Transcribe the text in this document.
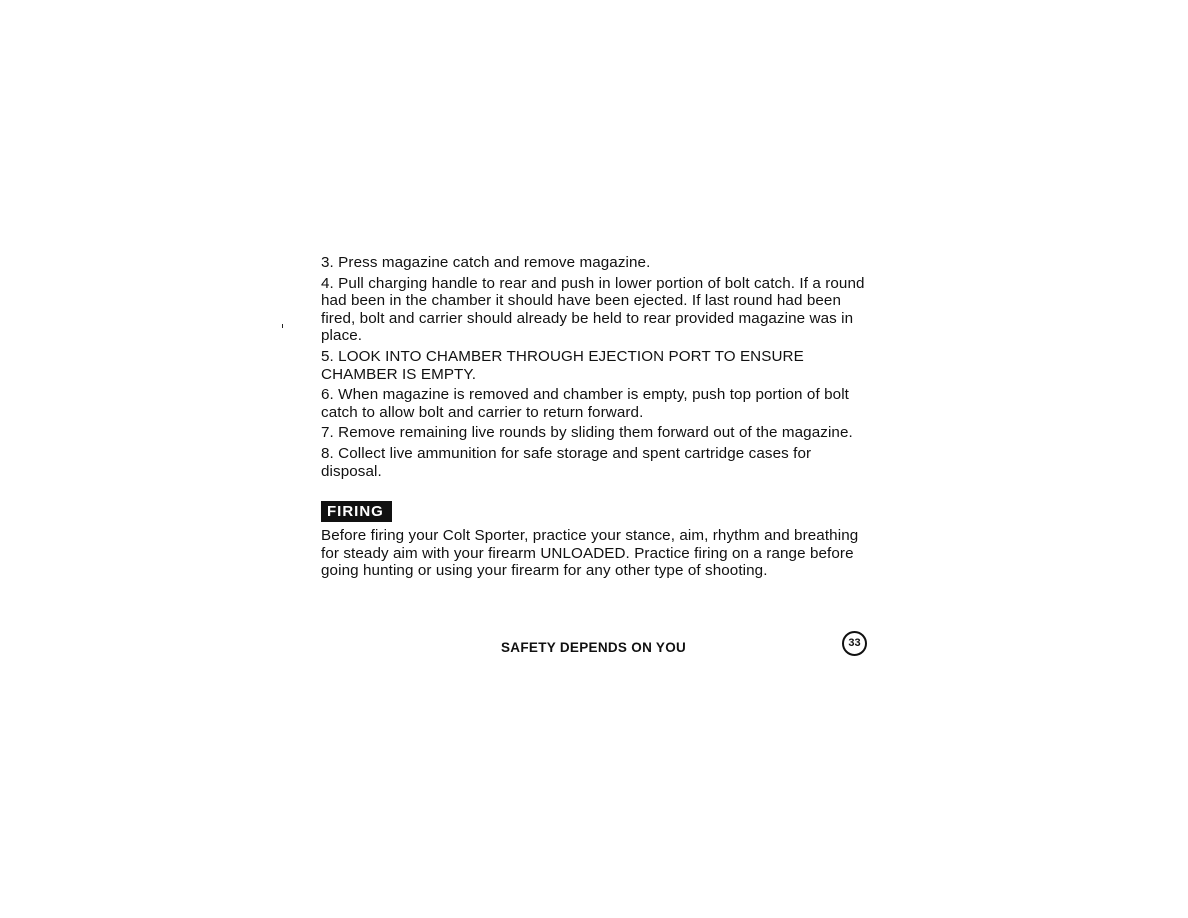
3. Press magazine catch and remove magazine.
4. Pull charging handle to rear and push in lower portion of bolt catch. If a round had been in the chamber it should have been ejected. If last round had been fired, bolt and carrier should already be held to rear provided magazine was in place.
5. LOOK INTO CHAMBER THROUGH EJECTION PORT TO ENSURE CHAMBER IS EMPTY.
6. When magazine is removed and chamber is empty, push top portion of bolt catch to allow bolt and carrier to return forward.
7. Remove remaining live rounds by sliding them forward out of the magazine.
8. Collect live ammunition for safe storage and spent cartridge cases for disposal.
FIRING

Before firing your Colt Sporter, practice your stance, aim, rhythm and breathing for steady aim with your firearm UNLOADED. Practice firing on a range before going hunting or using your firearm for any other type of shooting.

SAFETY DEPENDS ON YOU	33
